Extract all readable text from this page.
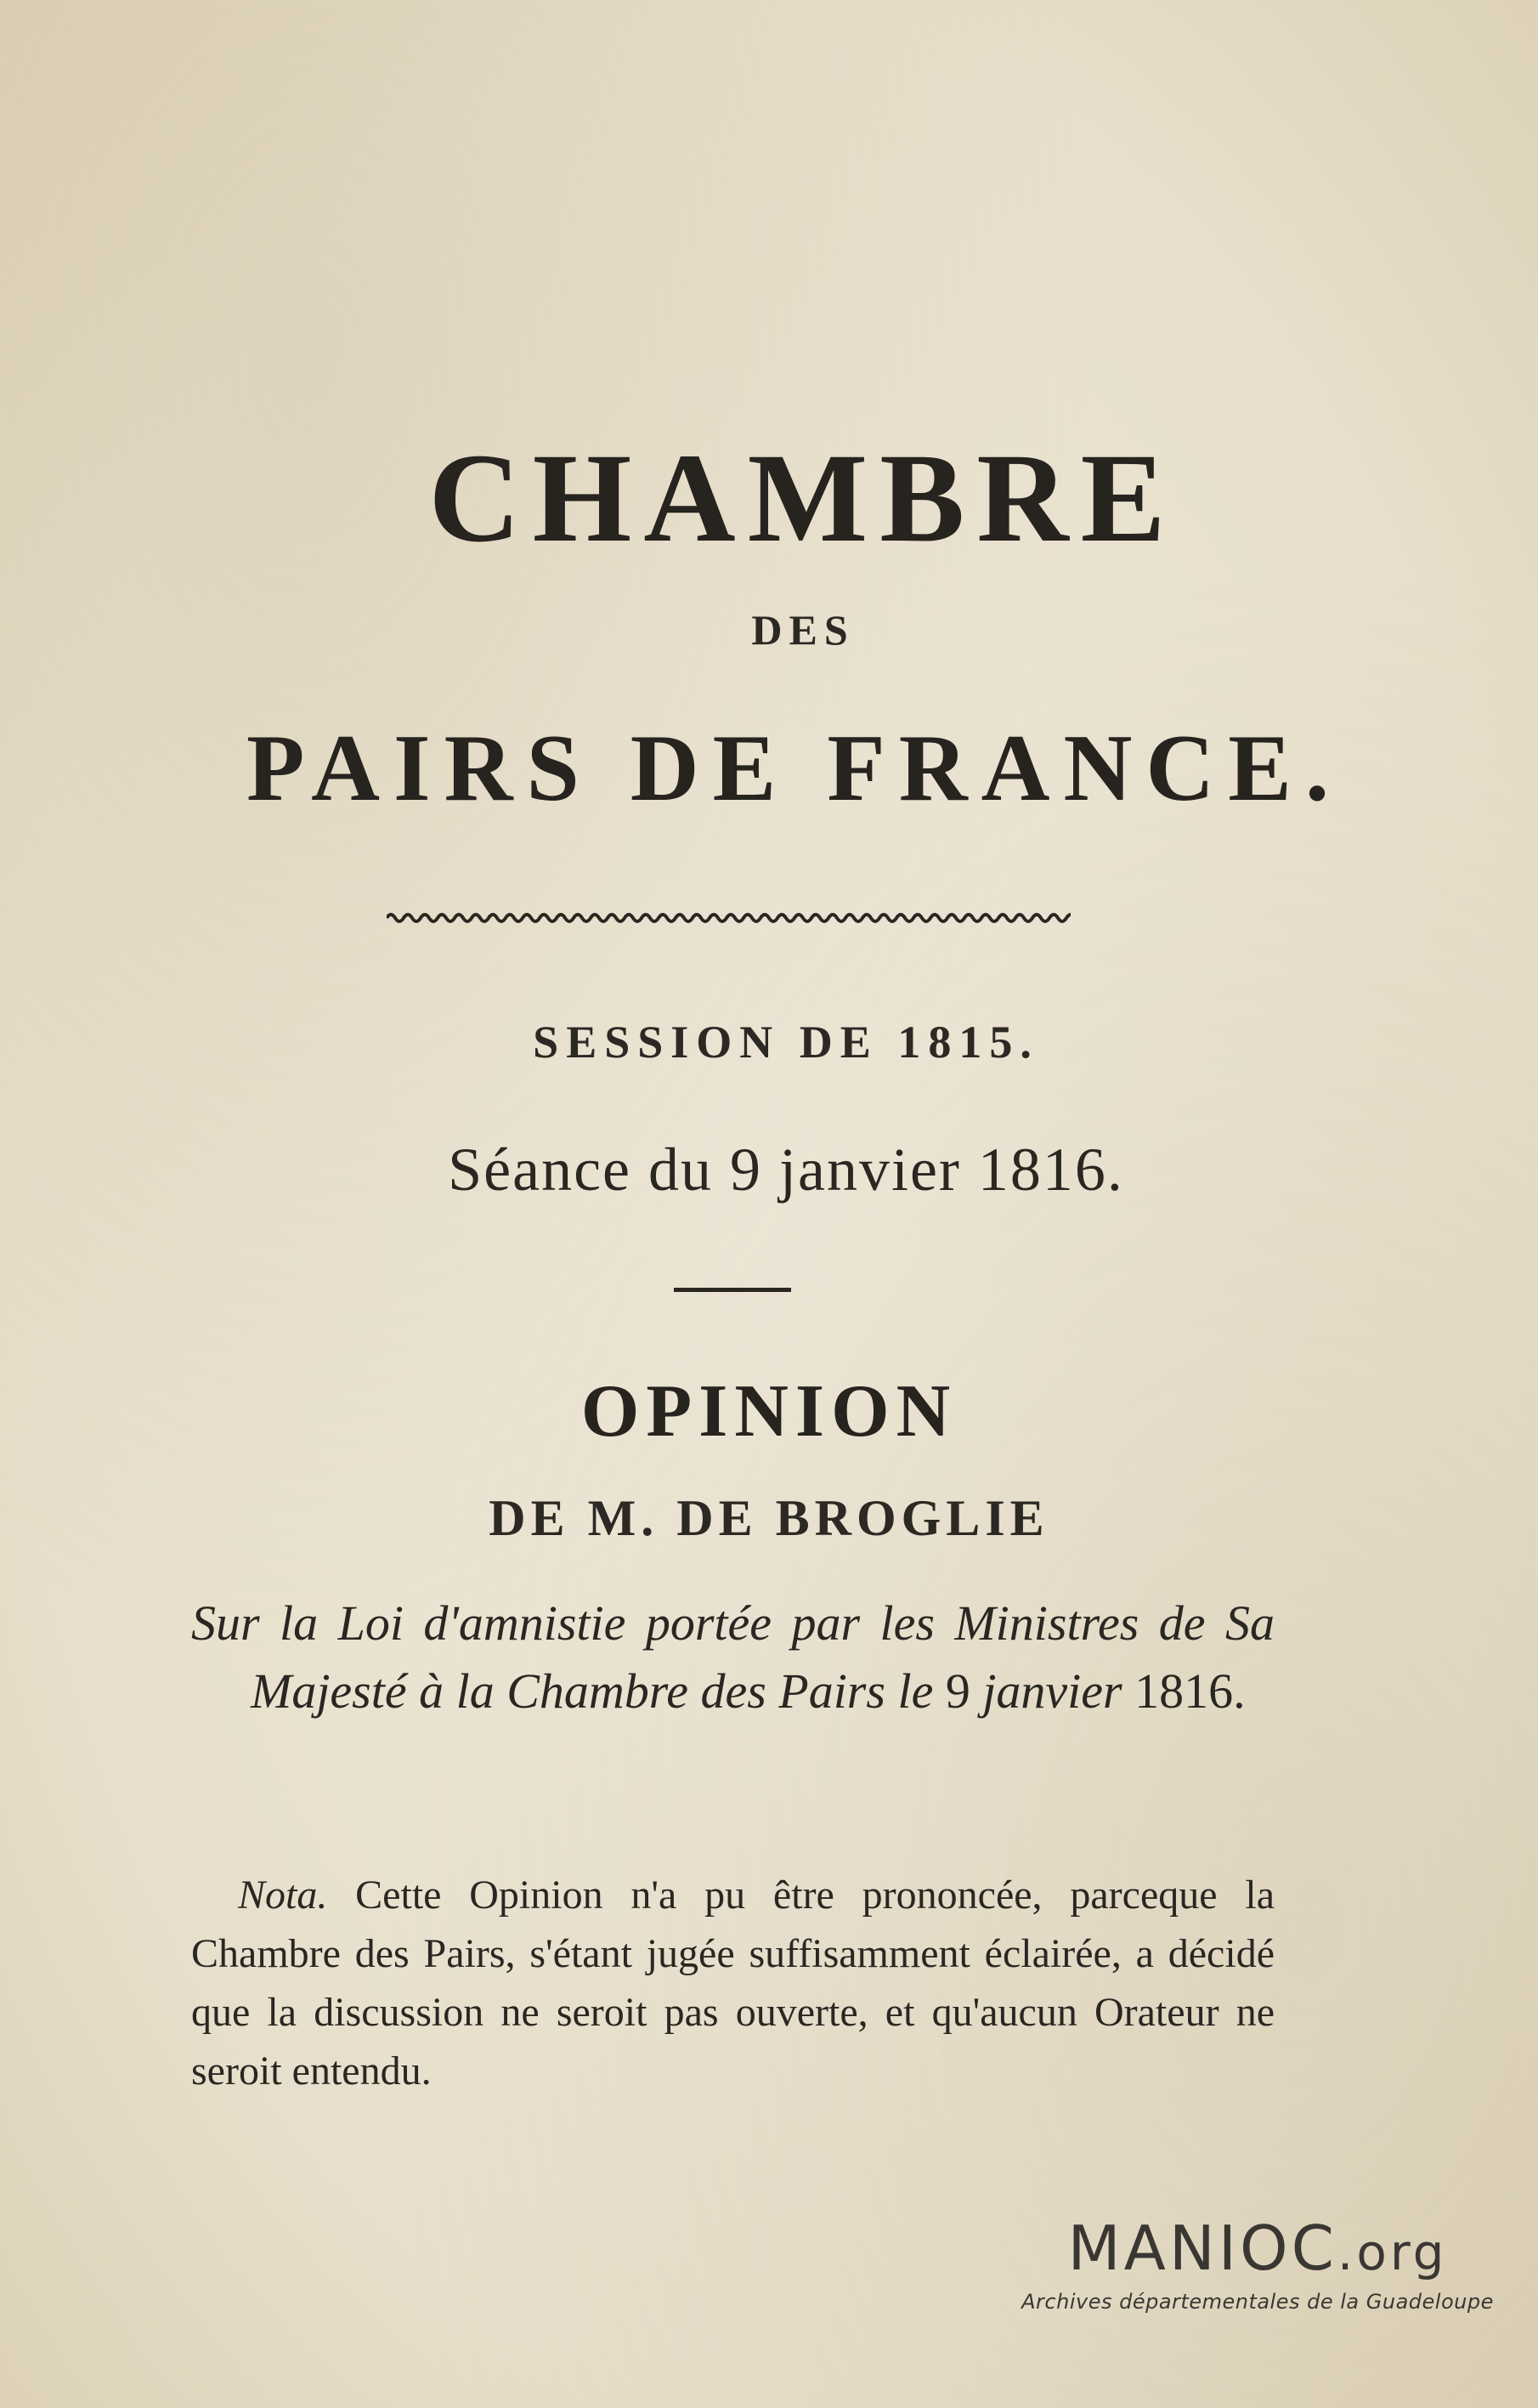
CHAMBRE
DES
PAIRS DE FRANCE.
SESSION DE 1815.
Séance du 9 janvier 1816.
OPINION
DE M. DE BROGLIE
Sur la Loi d'amnistie portée par les Ministres de Sa Majesté à la Chambre des Pairs le 9 janvier 1816.
Nota. Cette Opinion n'a pu être prononcée, parceque la Chambre des Pairs, s'étant jugée suffisamment éclairée, a décidé que la discussion ne seroit pas ouverte, et qu'aucun Orateur ne seroit entendu.
MANIOC.org
Archives départementales de la Guadeloupe
